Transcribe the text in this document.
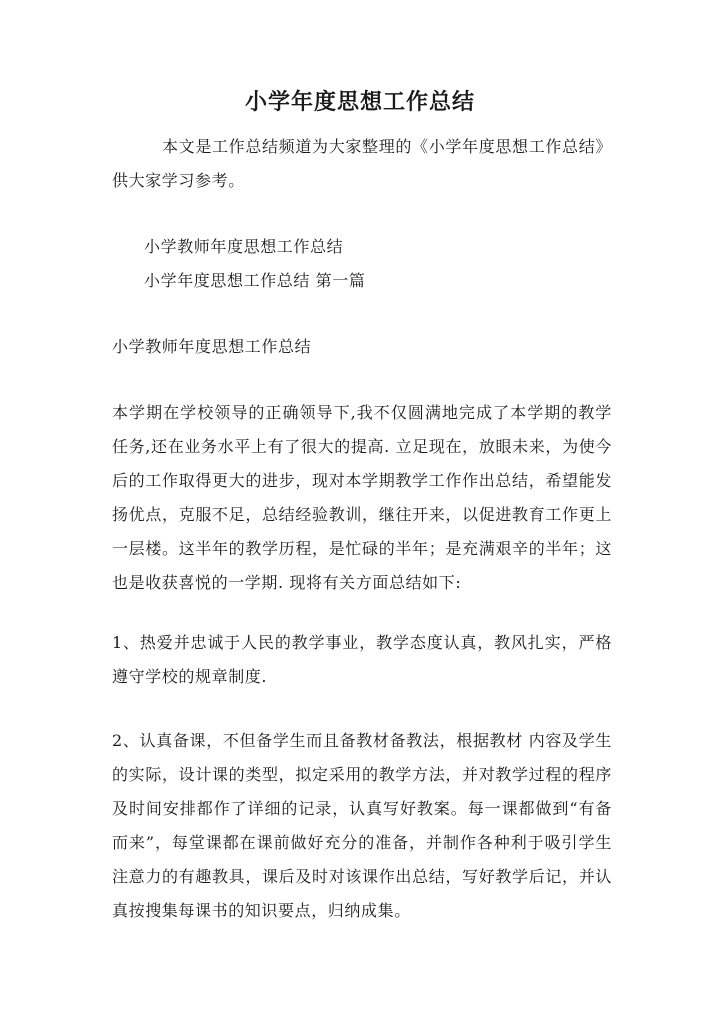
小学年度思想工作总结
本文是工作总结频道为大家整理的《小学年度思想工作总结》供大家学习参考。
小学教师年度思想工作总结
小学年度思想工作总结 第一篇
小学教师年度思想工作总结
本学期在学校领导的正确领导下,我不仅圆满地完成了本学期的教学任务,还在业务水平上有了很大的提高. 立足现在，放眼未来，为使今后的工作取得更大的进步，现对本学期教学工作作出总结，希望能发扬优点，克服不足，总结经验教训，继往开来，以促进教育工作更上一层楼。这半年的教学历程，是忙碌的半年；是充满艰辛的半年；这也是收获喜悦的一学期. 现将有关方面总结如下:
1、热爱并忠诚于人民的教学事业，教学态度认真，教风扎实，严格遵守学校的规章制度.
2、认真备课，不但备学生而且备教材备教法，根据教材 内容及学生的实际，设计课的类型，拟定采用的教学方法，并对教学过程的程序及时间安排都作了详细的记录，认真写好教案。每一课都做到“有备而来”，每堂课都在课前做好充分的准备，并制作各种利于吸引学生注意力的有趣教具，课后及时对该课作出总结，写好教学后记，并认真按搜集每课书的知识要点，归纳成集。
